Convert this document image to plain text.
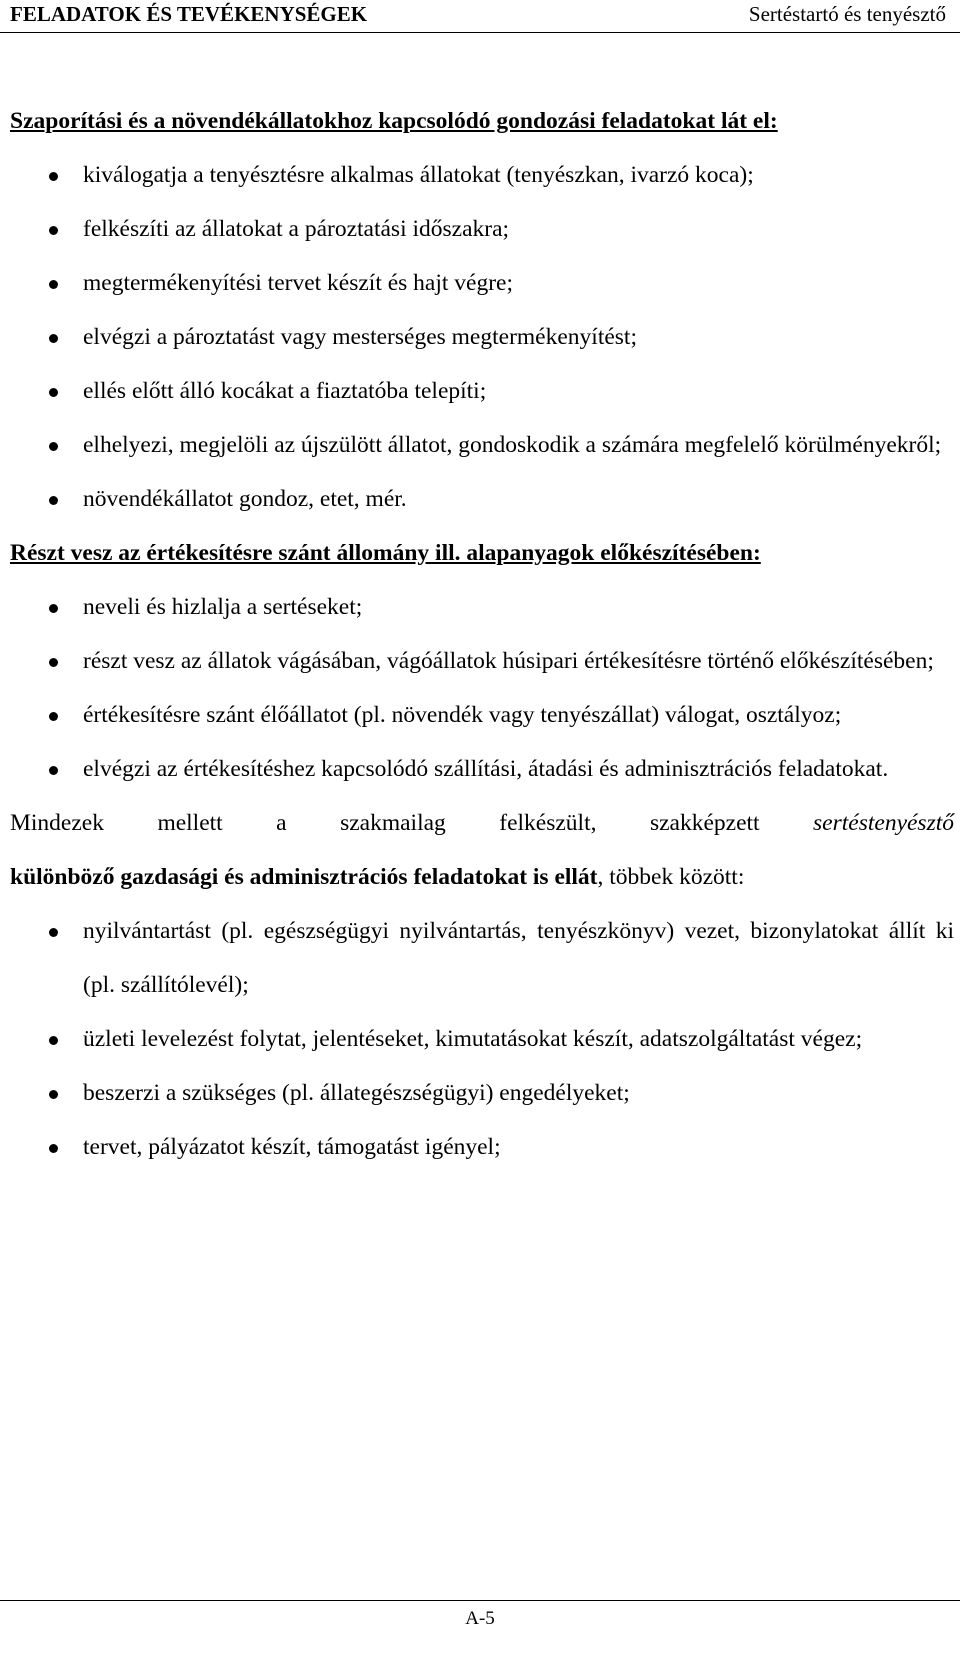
FELADATOK ÉS TEVÉKENYSÉGEK	Sertéstartó és tenyésztő

Szaporítási és a növendékállatokhoz kapcsolódó gondozási feladatokat lát el:

kiválogatja a tenyésztésre alkalmas állatokat (tenyészkan, ivarzó koca);
felkészíti az állatokat a pároztatási időszakra;
megtermékenyítési tervet készít és hajt végre;
elvégzi a pároztatást vagy mesterséges megtermékenyítést;
ellés előtt álló kocákat a fiaztatóba telepíti;
elhelyezi, megjelöli az újszülött állatot, gondoskodik a számára megfelelő körülményekről;
növendékállatot gondoz, etet, mér.

Részt vesz az értékesítésre szánt állomány ill. alapanyagok előkészítésében:

neveli és hizlalja a sertéseket;
részt vesz az állatok vágásában, vágóállatok húsipari értékesítésre történő előkészítésében;
értékesítésre szánt élőállatot (pl. növendék vagy tenyészállat) válogat, osztályoz;
elvégzi az értékesítéshez kapcsolódó szállítási, átadási és adminisztrációs feladatokat.

Mindezek mellett a szakmailag felkészült, szakképzett sertéstenyésztő
különböző gazdasági és adminisztrációs feladatokat is ellát, többek között:

nyilvántartást (pl. egészségügyi nyilvántartás, tenyészkönyv) vezet, bizonylatokat állít ki (pl. szállítólevél);
üzleti levelezést folytat, jelentéseket, kimutatásokat készít, adatszolgáltatást végez;
beszerzi a szükséges (pl. állategészségügyi) engedélyeket;
tervet, pályázatot készít, támogatást igényel;
A-5
